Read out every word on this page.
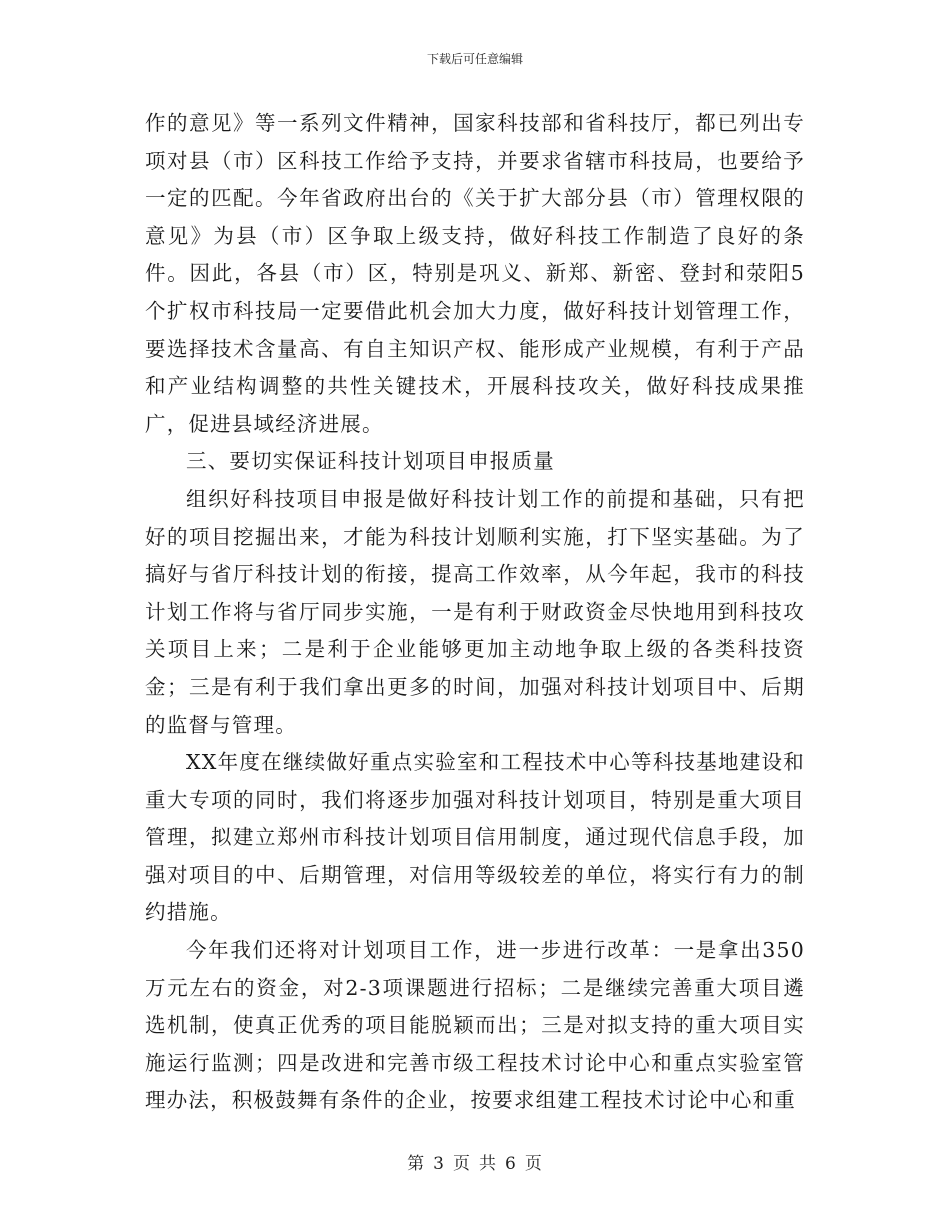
下载后可任意编辑

作的意见》等一系列文件精神，国家科技部和省科技厅，都已列出专项对县（市）区科技工作给予支持，并要求省辖市科技局，也要给予一定的匹配。今年省政府出台的《关于扩大部分县（市）管理权限的意见》为县（市）区争取上级支持，做好科技工作制造了良好的条件。因此，各县（市）区，特别是巩义、新郑、新密、登封和荥阳5个扩权市科技局一定要借此机会加大力度，做好科技计划管理工作，要选择技术含量高、有自主知识产权、能形成产业规模，有利于产品和产业结构调整的共性关键技术，开展科技攻关，做好科技成果推广，促进县域经济进展。

三、要切实保证科技计划项目申报质量

组织好科技项目申报是做好科技计划工作的前提和基础，只有把好的项目挖掘出来，才能为科技计划顺利实施，打下坚实基础。为了搞好与省厅科技计划的衔接，提高工作效率，从今年起，我市的科技计划工作将与省厅同步实施，一是有利于财政资金尽快地用到科技攻关项目上来；二是利于企业能够更加主动地争取上级的各类科技资金；三是有利于我们拿出更多的时间，加强对科技计划项目中、后期的监督与管理。

XX年度在继续做好重点实验室和工程技术中心等科技基地建设和重大专项的同时，我们将逐步加强对科技计划项目，特别是重大项目管理，拟建立郑州市科技计划项目信用制度，通过现代信息手段，加强对项目的中、后期管理，对信用等级较差的单位，将实行有力的制约措施。

今年我们还将对计划项目工作，进一步进行改革：一是拿出350万元左右的资金，对2-3项课题进行招标；二是继续完善重大项目遴选机制，使真正优秀的项目能脱颖而出；三是对拟支持的重大项目实施运行监测；四是改进和完善市级工程技术讨论中心和重点实验室管理办法，积极鼓舞有条件的企业，按要求组建工程技术讨论中心和重

第 3 页 共 6 页
